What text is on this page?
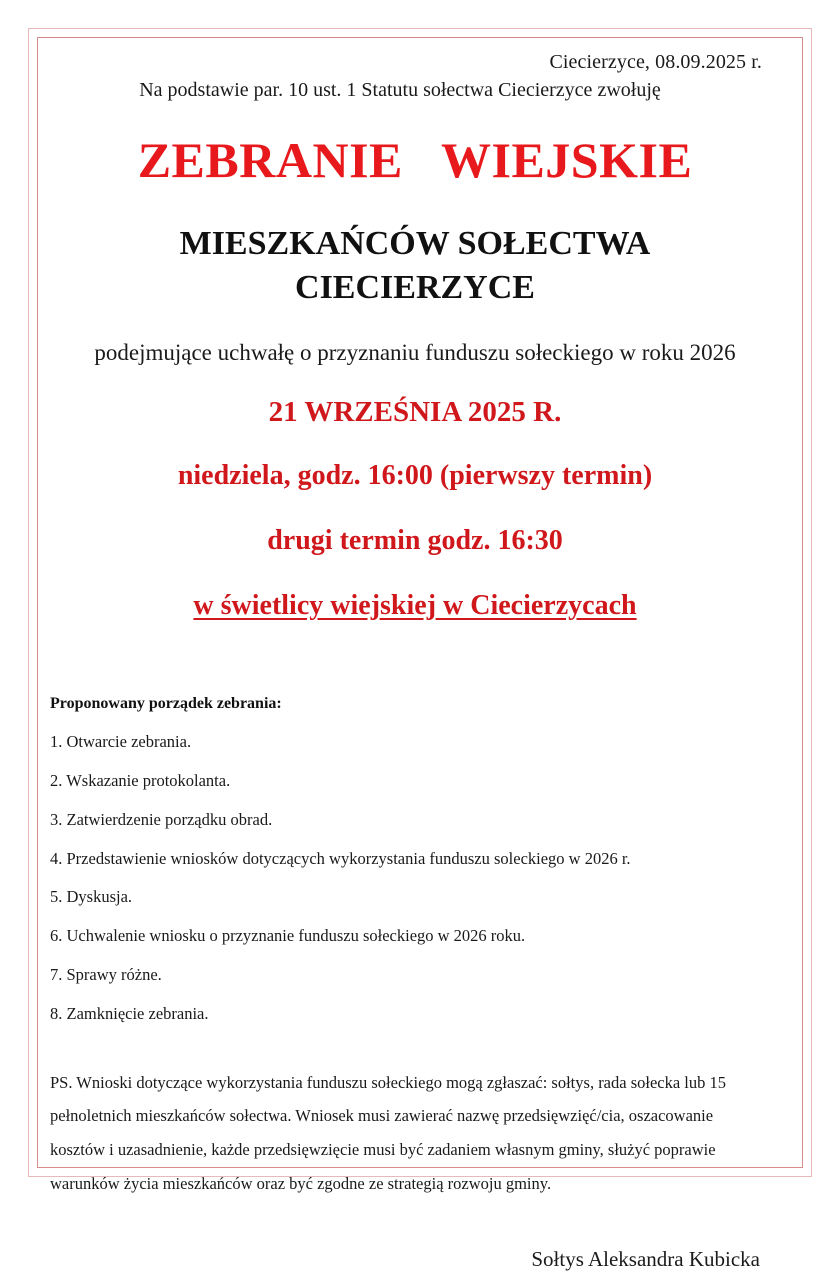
Ciecierzyce, 08.09.2025 r.
Na podstawie par. 10 ust. 1 Statutu sołectwa Ciecierzyce zwołuję
ZEBRANIE   WIEJSKIE
MIESZKAŃCÓW SOŁECTWA CIECIERZYCE
podejmujące uchwałę o przyznaniu funduszu sołeckiego w roku 2026
21 WRZEŚNIA 2025 R.
niedziela, godz. 16:00 (pierwszy termin)
drugi termin godz. 16:30
w świetlicy wiejskiej w Ciecierzycach
Proponowany porządek zebrania:
1. Otwarcie zebrania.
2. Wskazanie protokolanta.
3. Zatwierdzenie porządku obrad.
4. Przedstawienie wniosków dotyczących wykorzystania funduszu soleckiego w 2026 r.
5. Dyskusja.
6. Uchwalenie wniosku o przyznanie funduszu sołeckiego w 2026 roku.
7. Sprawy różne.
8. Zamknięcie zebrania.
PS. Wnioski dotyczące wykorzystania funduszu sołeckiego mogą zgłaszać: sołtys, rada sołecka lub 15 pełnoletnich mieszkańców sołectwa. Wniosek musi zawierać nazwę przedsięwzięć/cia, oszacowanie kosztów i uzasadnienie, każde przedsięwzięcie musi być zadaniem własnym gminy, służyć poprawie warunków życia mieszkańców oraz być zgodne ze strategią rozwoju gminy.
Sołtys Aleksandra Kubicka
